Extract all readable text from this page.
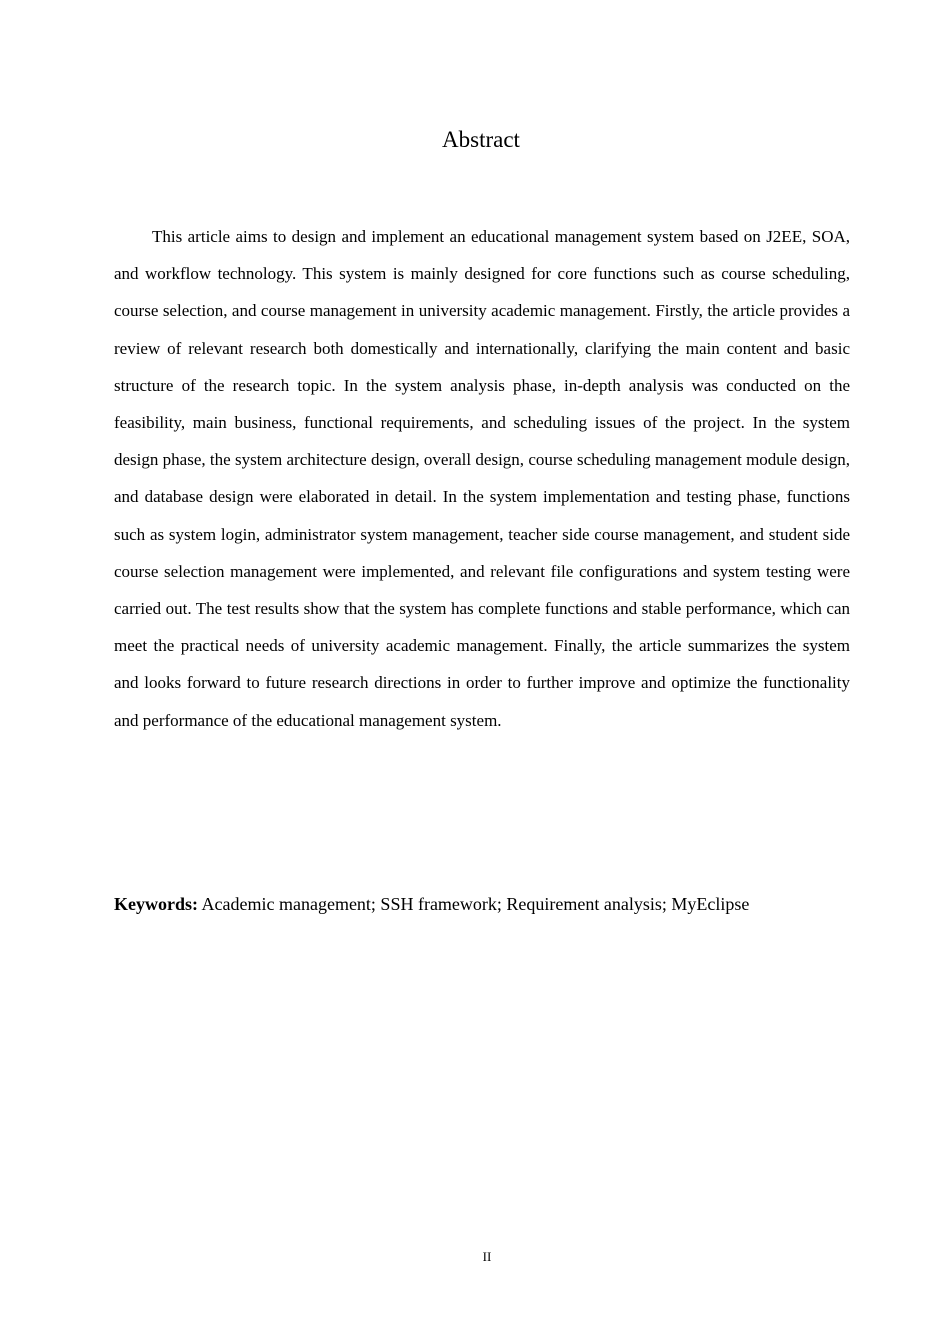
Abstract

This article aims to design and implement an educational management system based on J2EE, SOA, and workflow technology. This system is mainly designed for core functions such as course scheduling, course selection, and course management in university academic management. Firstly, the article provides a review of relevant research both domestically and internationally, clarifying the main content and basic structure of the research topic. In the system analysis phase, in-depth analysis was conducted on the feasibility, main business, functional requirements, and scheduling issues of the project. In the system design phase, the system architecture design, overall design, course scheduling management module design, and database design were elaborated in detail. In the system implementation and testing phase, functions such as system login, administrator system management, teacher side course management, and student side course selection management were implemented, and relevant file configurations and system testing were carried out. The test results show that the system has complete functions and stable performance, which can meet the practical needs of university academic management. Finally, the article summarizes the system and looks forward to future research directions in order to further improve and optimize the functionality and performance of the educational management system.

Keywords: Academic management; SSH framework; Requirement analysis; MyEclipse

II
